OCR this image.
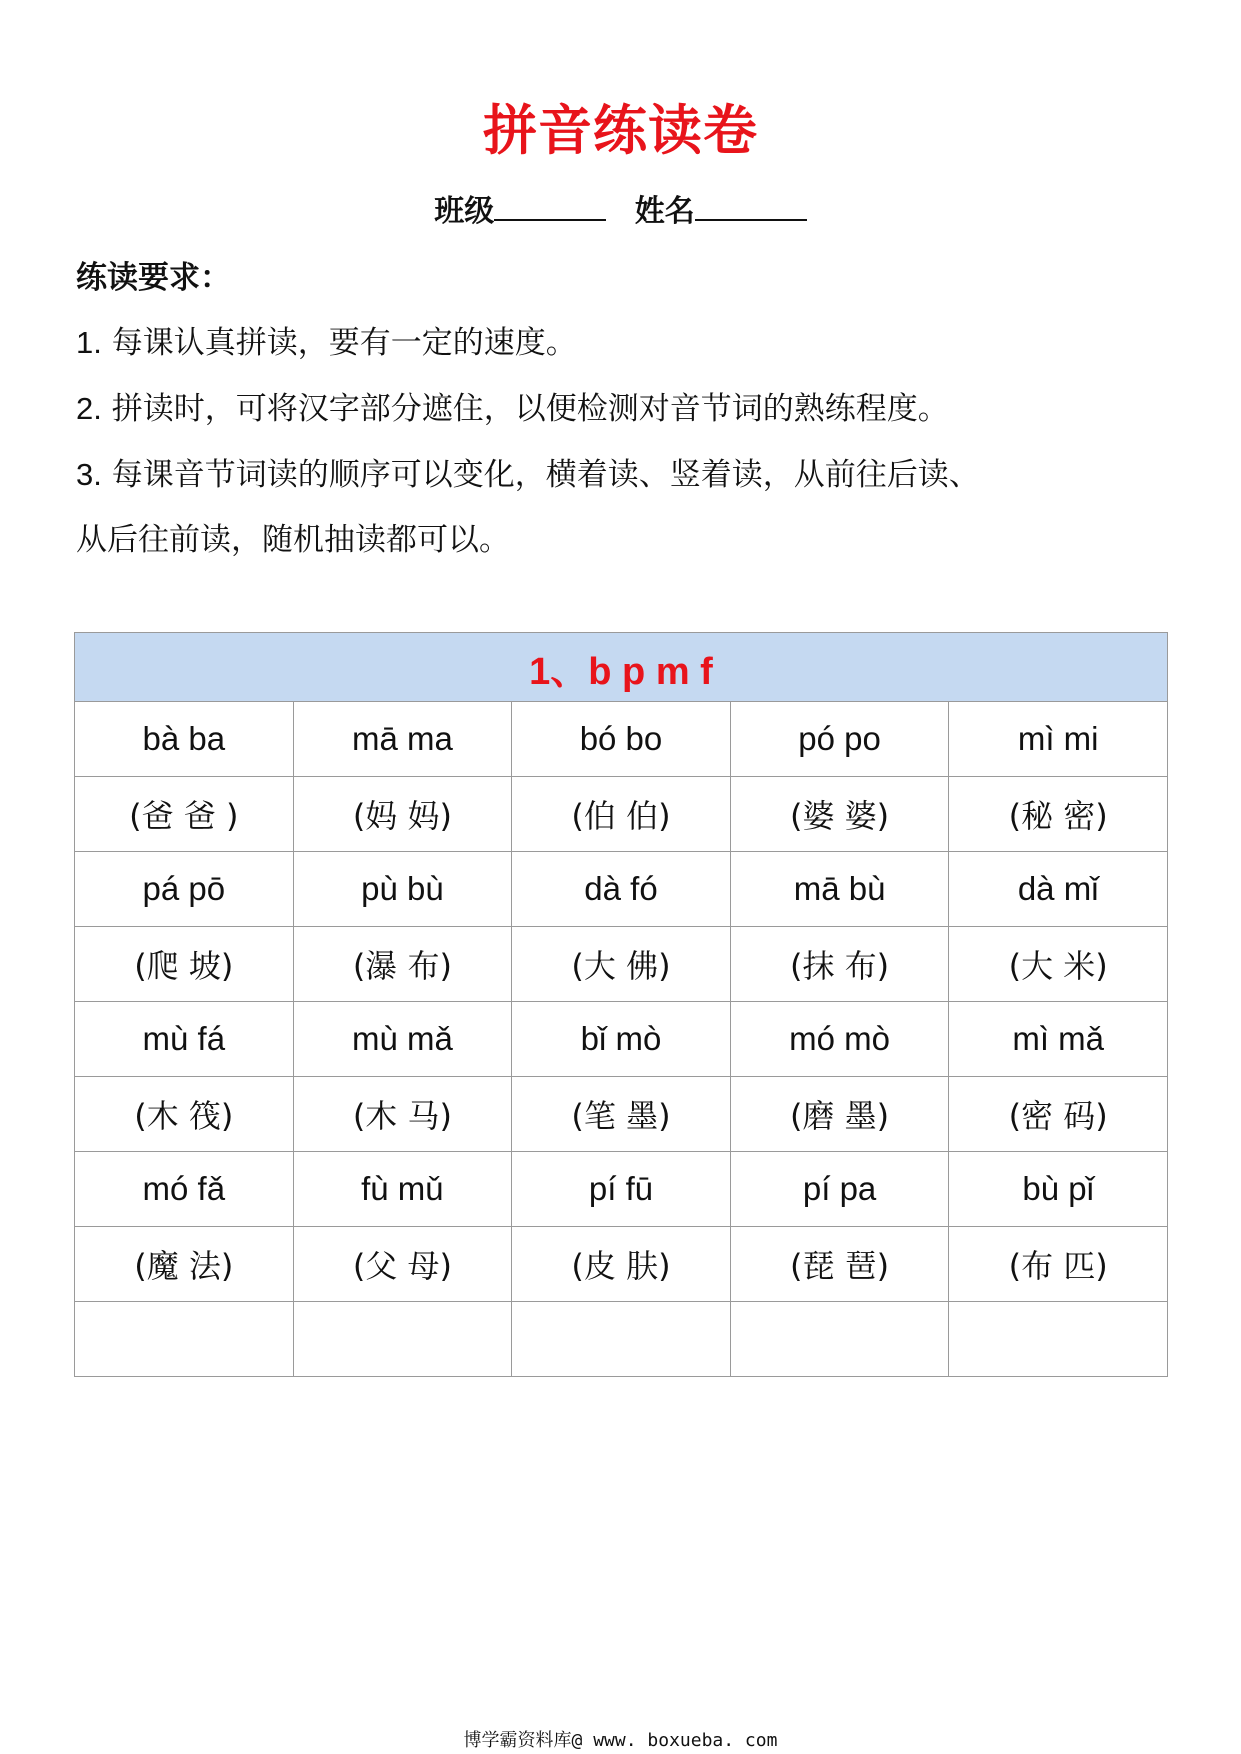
拼音练读卷
班级	姓名
练读要求：
1. 每课认真拼读，要有一定的速度。
2. 拼读时，可将汉字部分遮住，以便检测对音节词的熟练程度。
3. 每课音节词读的顺序可以变化，横着读、竖着读，从前往后读、
从后往前读，随机抽读都可以。
1、b p m f				
bà ba	mā ma	bó bo	pó po	mì mi
(爸 爸 )	(妈 妈)	(伯 伯)	(婆 婆)	(秘 密)
pá pō	pù bù	dà fó	mā bù	dà mǐ
(爬 坡)	(瀑 布)	(大 佛)	(抹 布)	(大 米)
mù fá	mù mǎ	bǐ mò	mó mò	mì mǎ
(木 筏)	(木 马)	(笔 墨)	(磨 墨)	(密 码)
mó fǎ	fù mǔ	pí fū	pí pa	bù pǐ
(魔 法)	(父 母)	(皮 肤)	(琵 琶)	(布 匹)

博学霸资料库@ www. boxueba. com
